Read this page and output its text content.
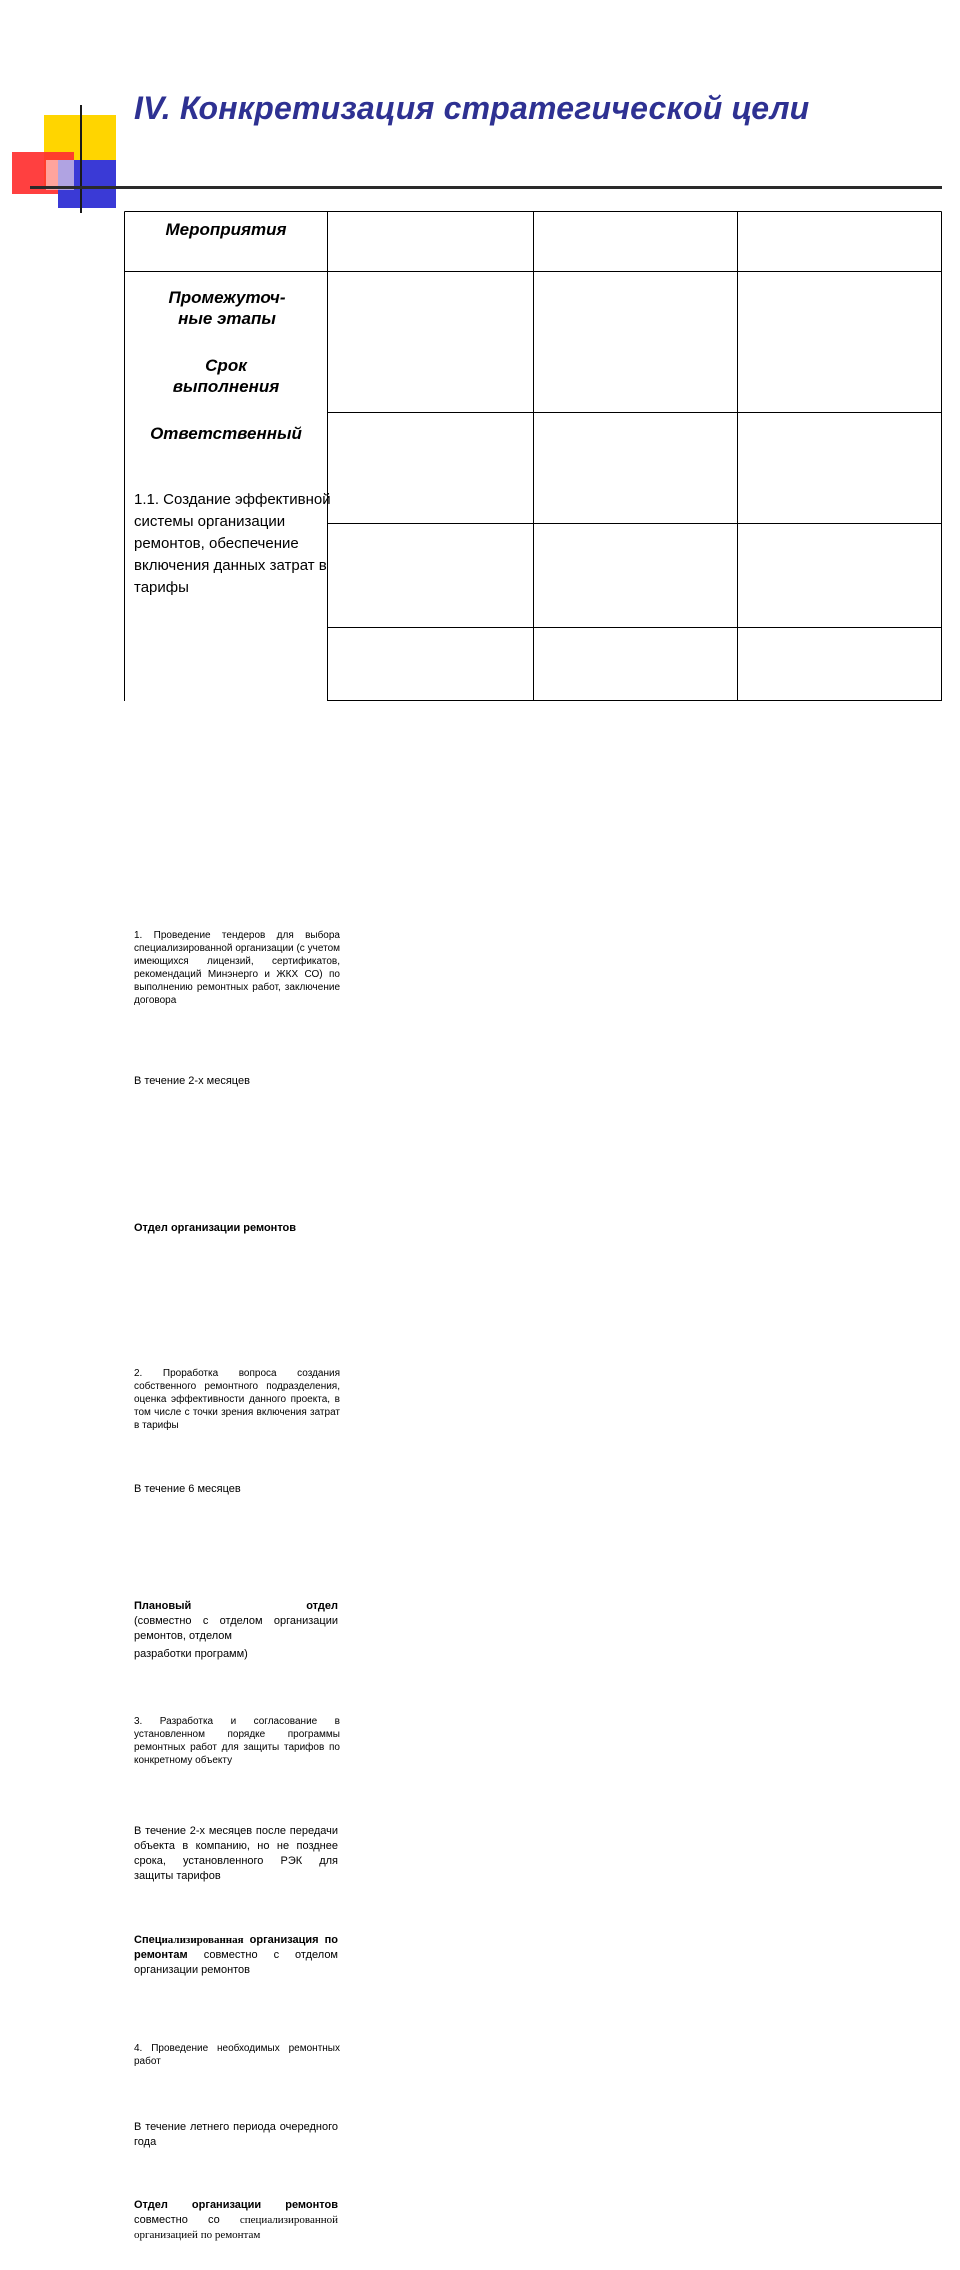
IV. Конкретизация стратегической цели
Мероприятия
Промежуточ-ные этапы
Срок выполнения
Ответственный
1.1. Создание эффективной системы организации ремонтов, обеспечение включения данных затрат в тарифы
1. Проведение тендеров для выбора специализированной организации (с учетом имеющихся лицензий, сертификатов, рекомендаций Минэнерго и ЖКХ СО) по выполнению ремонтных работ, заключение договора
В течение 2-х месяцев
Отдел организации ремонтов
2. Проработка вопроса создания собственного ремонтного подразделения, оценка эффективности данного проекта, в том числе с точки зрения включения затрат в тарифы
В течение 6 месяцев
Плановый отдел
(совместно с отделом организации ремонтов, отделом
разработки программ)
3. Разработка и согласование в установленном порядке программы ремонтных работ для защиты тарифов по конкретному объекту
В течение 2-х месяцев после передачи объекта в компанию, но не позднее срока, установленного РЭК для защиты тарифов
Специализированная организация по ремонтам совместно с отделом организации ремонтов
4. Проведение необходимых ремонтных работ
В течение летнего периода очередного года
Отдел организации ремонтов совместно со специализированной организацией по ремонтам
